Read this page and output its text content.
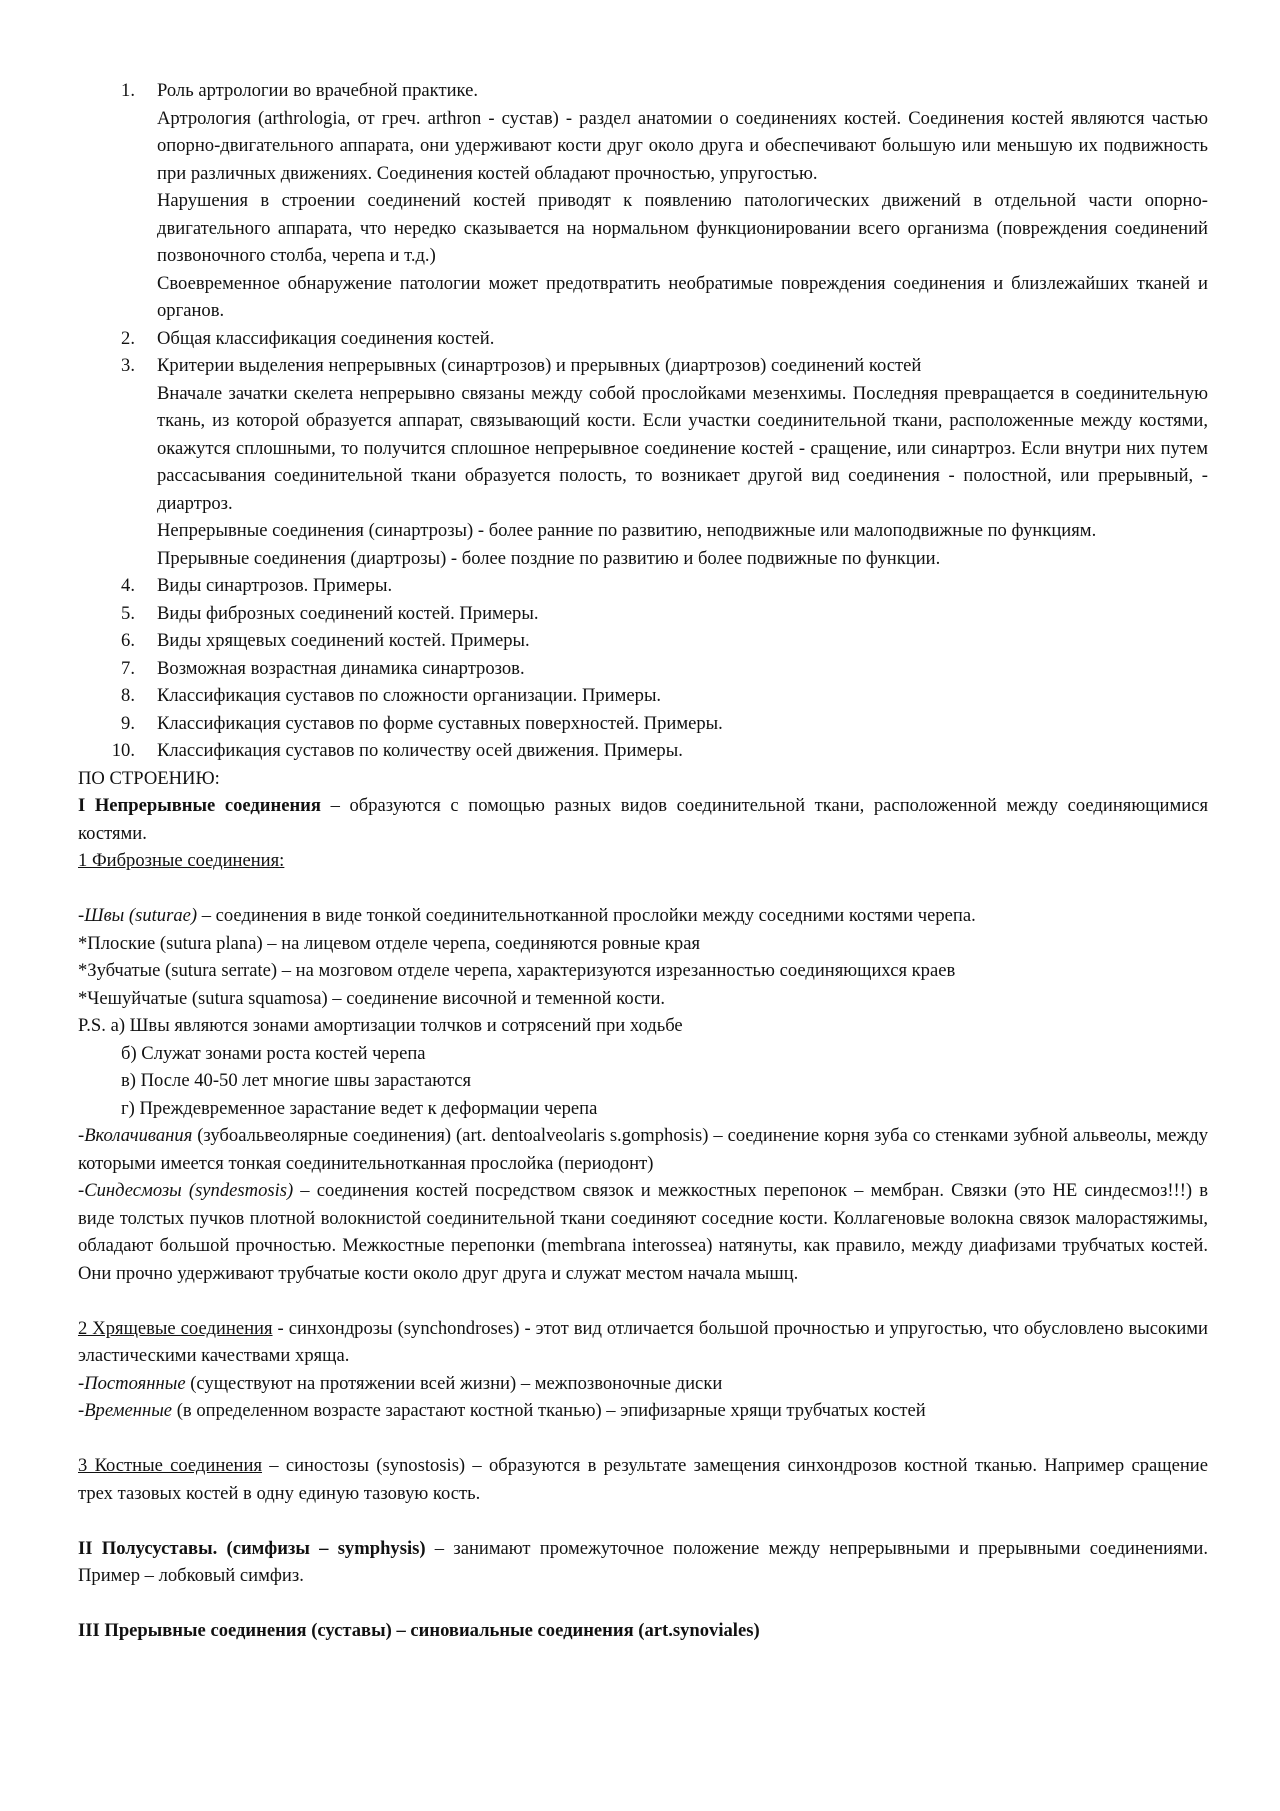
1. Роль артрологии во врачебной практике.
Артрология (arthrologia, от греч. arthron - сустав) - раздел анатомии о соединениях костей. Соединения костей являются частью опорно-двигательного аппарата, они удерживают кости друг около друга и обеспечивают большую или меньшую их подвижность при различных движениях. Соединения костей обладают прочностью, упругостью.
Нарушения в строении соединений костей приводят к появлению патологических движений в отдельной части опорно-двигательного аппарата, что нередко сказывается на нормальном функционировании всего организма (повреждения соединений позвоночного столба, черепа и т.д.)
Своевременное обнаружение патологии может предотвратить необратимые повреждения соединения и близлежайших тканей и органов.
2. Общая классификация соединения костей.
3. Критерии выделения непрерывных (синартрозов) и прерывных (диартрозов) соединений костей
Вначале зачатки скелета непрерывно связаны между собой прослойками мезенхимы. Последняя превращается в соединительную ткань, из которой образуется аппарат, связывающий кости. Если участки соединительной ткани, расположенные между костями, окажутся сплошными, то получится сплошное непрерывное соединение костей - сращение, или синартроз. Если внутри них путем рассасывания соединительной ткани образуется полость, то возникает другой вид соединения - полостной, или прерывный, - диартроз.
Непрерывные соединения (синартрозы) - более ранние по развитию, неподвижные или малоподвижные по функциям.
Прерывные соединения (диартрозы) - более поздние по развитию и более подвижные по функции.
4. Виды синартрозов. Примеры.
5. Виды фиброзных соединений костей. Примеры.
6. Виды хрящевых соединений костей. Примеры.
7. Возможная возрастная динамика синартрозов.
8. Классификация суставов по сложности организации. Примеры.
9. Классификация суставов по форме суставных поверхностей. Примеры.
10. Классификация суставов по количеству осей движения. Примеры.

ПО СТРОЕНИЮ:

I Непрерывные соединения – образуются с помощью разных видов соединительной ткани, расположенной между соединяющимися костями.

1 Фиброзные соединения:

-Швы (suturae) – соединения в виде тонкой соединительнотканной прослойки между соседними костями черепа.

*Плоские (sutura plana) – на лицевом отделе черепа, соединяются ровные края

*Зубчатые (sutura serrate) – на мозговом отделе черепа, характеризуются изрезанностью соединяющихся краев

*Чешуйчатые (sutura squamosa) – соединение височной и теменной кости.

P.S. а) Швы являются зонами амортизации толчков и сотрясений при ходьбе

б) Служат зонами роста костей черепа

в) После 40-50 лет многие швы зарастаются

г) Преждевременное зарастание ведет к деформации черепа

-Вколачивания (зубоальвеолярные соединения) (art. dentoalveolaris s.gomphosis) – соединение корня зуба со стенками зубной альвеолы, между которыми имеется тонкая соединительнотканная прослойка (периодонт)

-Синдесмозы (syndesmosis) – соединения костей посредством связок и межкостных перепонок – мембран. Связки (это НЕ синдесмоз!!!) в виде толстых пучков плотной волокнистой соединительной ткани соединяют соседние кости. Коллагеновые волокна связок малорастяжимы, обладают большой прочностью. Межкостные перепонки (membrana interossea) натянуты, как правило, между диафизами трубчатых костей. Они прочно удерживают трубчатые кости около друг друга и служат местом начала мышц.

2 Хрящевые соединения - синхондрозы (synchondroses) - этот вид отличается большой прочностью и упругостью, что обусловлено высокими эластическими качествами хряща.

-Постоянные (существуют на протяжении всей жизни) – межпозвоночные диски

-Временные (в определенном возрасте зарастают костной тканью) – эпифизарные хрящи трубчатых костей

3 Костные соединения – синостозы (synostosis) – образуются в результате замещения синхондрозов костной тканью. Например сращение трех тазовых костей в одну единую тазовую кость.

II Полусуставы. (симфизы – symphysis) – занимают промежуточное положение между непрерывными и прерывными соединениями. Пример – лобковый симфиз.

III Прерывные соединения (суставы) – синовиальные соединения (art.synoviales)
